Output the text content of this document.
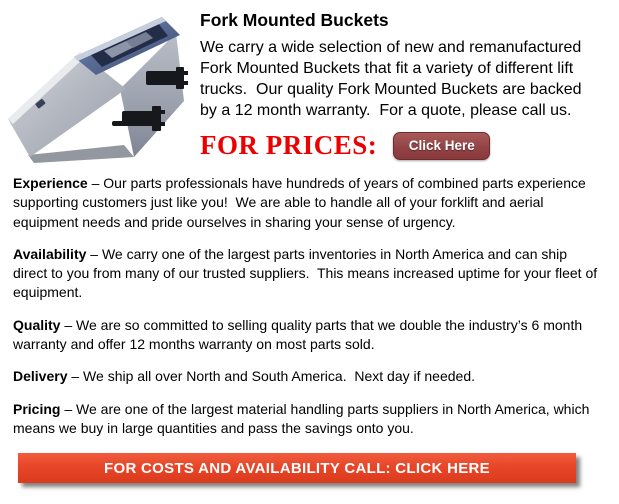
Fork Mounted Buckets

We carry a wide selection of new and remanufactured Fork Mounted Buckets that fit a variety of different lift trucks.  Our quality Fork Mounted Buckets are backed by a 12 month warranty.  For a quote, please call us.

FOR PRICES:	Click Here

Experience – Our parts professionals have hundreds of years of combined parts experience supporting customers just like you!  We are able to handle all of your forklift and aerial equipment needs and pride ourselves in sharing your sense of urgency.

Availability – We carry one of the largest parts inventories in North America and can ship direct to you from many of our trusted suppliers.  This means increased uptime for your fleet of equipment.

Quality – We are so committed to selling quality parts that we double the industry’s 6 month warranty and offer 12 months warranty on most parts sold.

Delivery – We ship all over North and South America.  Next day if needed.

Pricing – We are one of the largest material handling parts suppliers in North America, which means we buy in large quantities and pass the savings onto you.

FOR COSTS AND AVAILABILITY CALL: CLICK HERE
